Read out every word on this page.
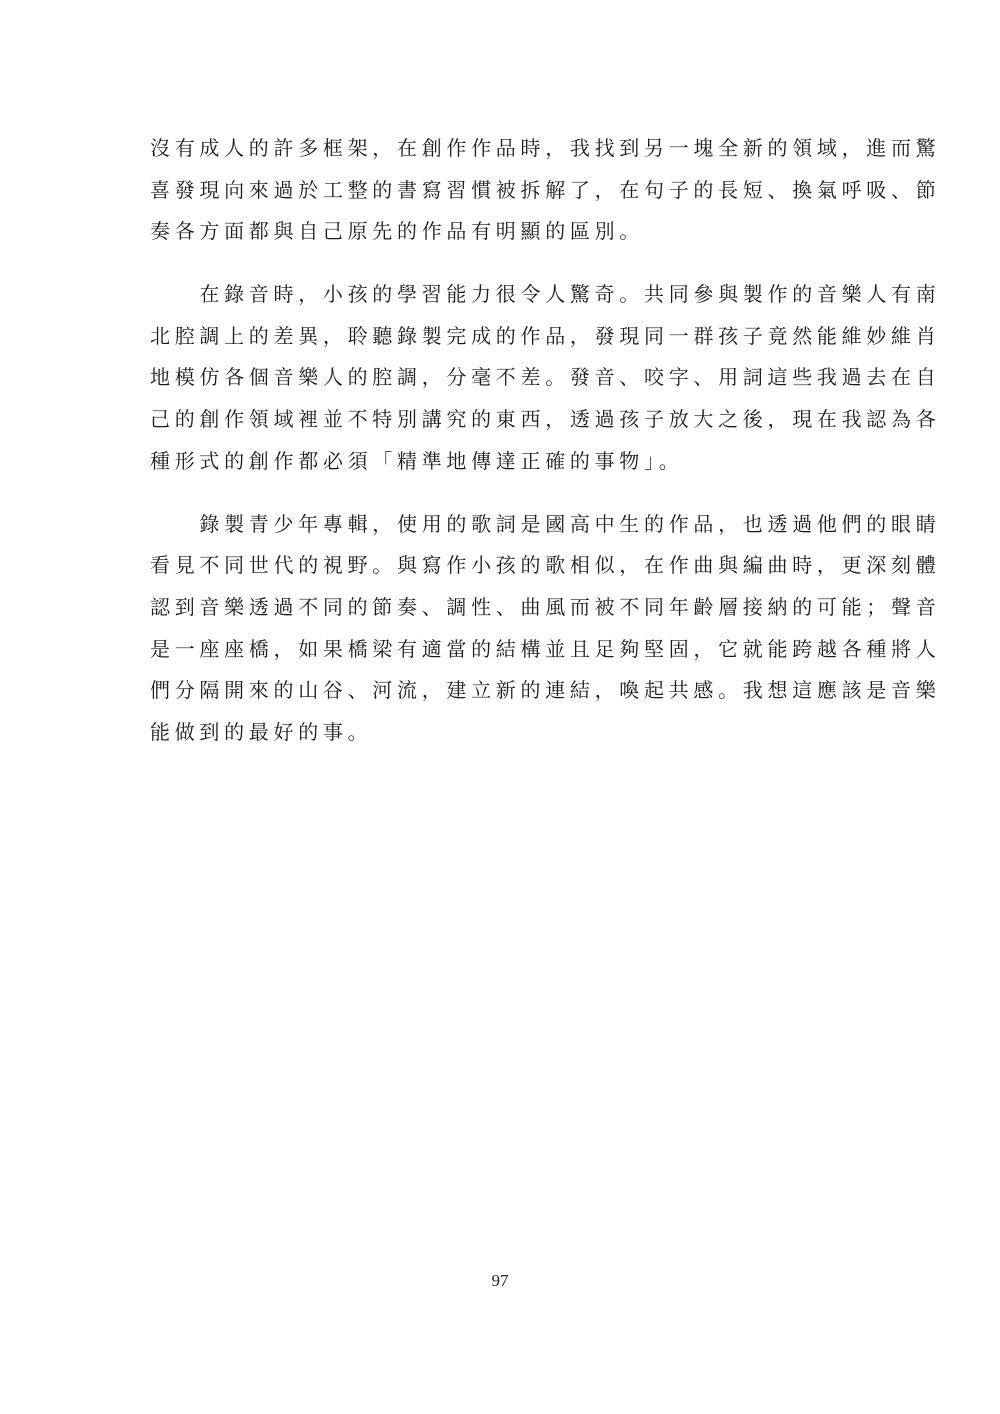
沒有成人的許多框架，在創作作品時，我找到另一塊全新的領域，進而驚
喜發現向來過於工整的書寫習慣被拆解了，在句子的長短、換氣呼吸、節
奏各方面都與自己原先的作品有明顯的區別。
　　在錄音時，小孩的學習能力很令人驚奇。共同參與製作的音樂人有南
北腔調上的差異，聆聽錄製完成的作品，發現同一群孩子竟然能維妙維肖
地模仿各個音樂人的腔調，分毫不差。發音、咬字、用詞這些我過去在自
己的創作領域裡並不特別講究的東西，透過孩子放大之後，現在我認為各
種形式的創作都必須「精準地傳達正確的事物」。
　　錄製青少年專輯，使用的歌詞是國高中生的作品，也透過他們的眼睛
看見不同世代的視野。與寫作小孩的歌相似，在作曲與編曲時，更深刻體
認到音樂透過不同的節奏、調性、曲風而被不同年齡層接納的可能；聲音
是一座座橋，如果橋梁有適當的結構並且足夠堅固，它就能跨越各種將人
們分隔開來的山谷、河流，建立新的連結，喚起共感。我想這應該是音樂
能做到的最好的事。
97
